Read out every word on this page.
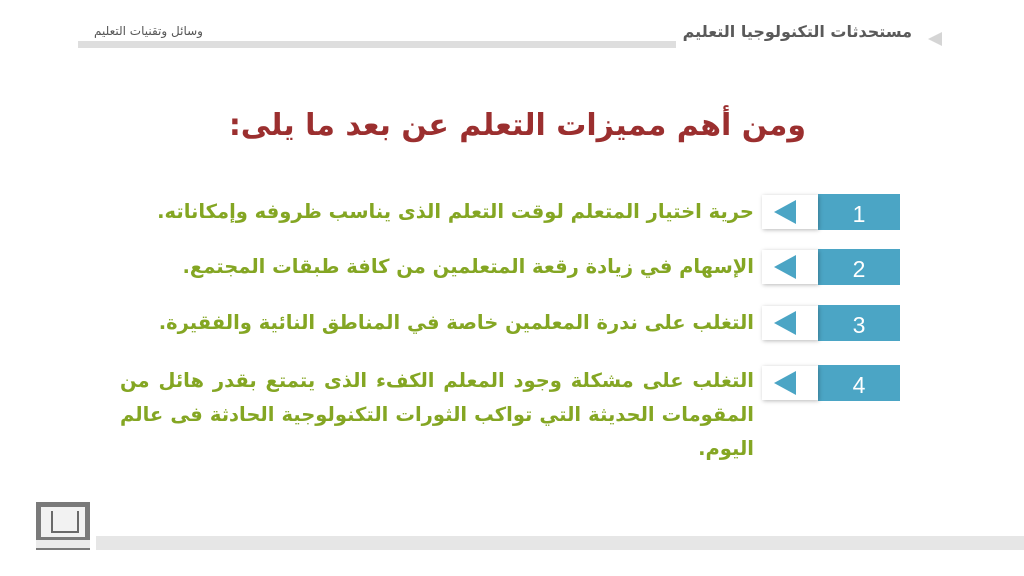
مستحدثات التكنولوجيا التعليم
وسائل وتقنيات التعليم
ومن أهم مميزات التعلم عن بعد ما يلى:
1
حرية اختيار المتعلم لوقت التعلم الذى يناسب ظروفه وإمكاناته.
2
الإسهام في زيادة رقعة المتعلمين من كافة طبقات المجتمع.
3
التغلب على ندرة المعلمين خاصة في المناطق النائية والفقيرة.
4
التغلب على مشكلة وجود المعلم الكفء الذى يتمتع بقدر هائل من المقومات الحديثة التي تواكب الثورات التكنولوجية الحادثة فى عالم اليوم.
